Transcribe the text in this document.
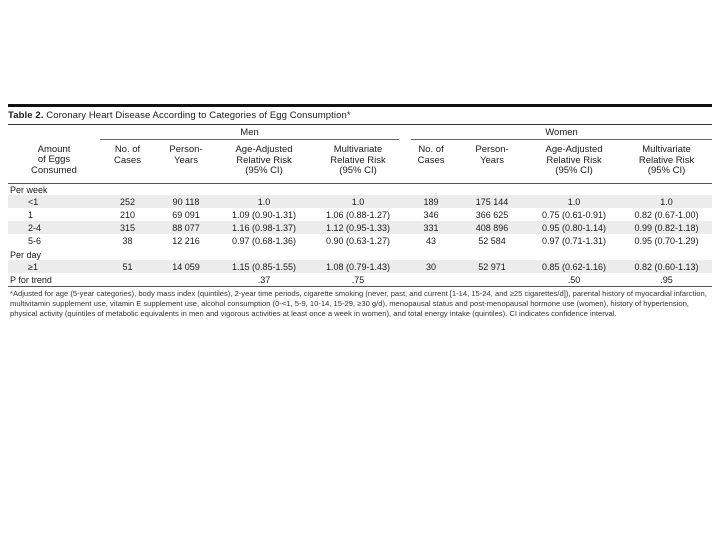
Table 2. Coronary Heart Disease According to Categories of Egg Consumption*
	Men				Women			
Amount
of Eggs
Consumed	No. of
Cases	Person-
Years	Age-Adjusted
Relative Risk
(95% CI)	Multivariate
Relative Risk
(95% CI)	No. of
Cases	Person-
Years	Age-Adjusted
Relative Risk
(95% CI)	Multivariate
Relative Risk
(95% CI)

Per week								
<1	252	90 118	1.0	1.0	189	175 144	1.0	1.0
1	210	69 091	1.09 (0.90-1.31)	1.06 (0.88-1.27)	346	366 625	0.75 (0.61-0.91)	0.82 (0.67-1.00)
2-4	315	88 077	1.16 (0.98-1.37)	1.12 (0.95-1.33)	331	408 896	0.95 (0.80-1.14)	0.99 (0.82-1.18)
5-6	38	12 216	0.97 (0.68-1.36)	0.90 (0.63-1.27)	43	52 584	0.97 (0.71-1.31)	0.95 (0.70-1.29)
Per day								
≥1	51	14 059	1.15 (0.85-1.55)	1.08 (0.79-1.43)	30	52 971	0.85 (0.62-1.16)	0.82 (0.60-1.13)
P for trend			.37	.75			.50	.95
*Adjusted for age (5-year categories), body mass index (quintiles), 2-year time periods, cigarette smoking (never, past, and current [1-14, 15-24, and ≥25 cigarettes/d]), parental history of myocardial infarction, multivitamin supplement use, vitamin E supplement use, alcohol consumption (0-<1, 5-9, 10-14, 15-29, ≥30 g/d), menopausal status and post-menopausal hormone use (women), history of hypertension, physical activity (quintiles of metabolic equivalents in men and vigorous activities at least once a week in women), and total energy intake (quintiles). CI indicates confidence interval.
